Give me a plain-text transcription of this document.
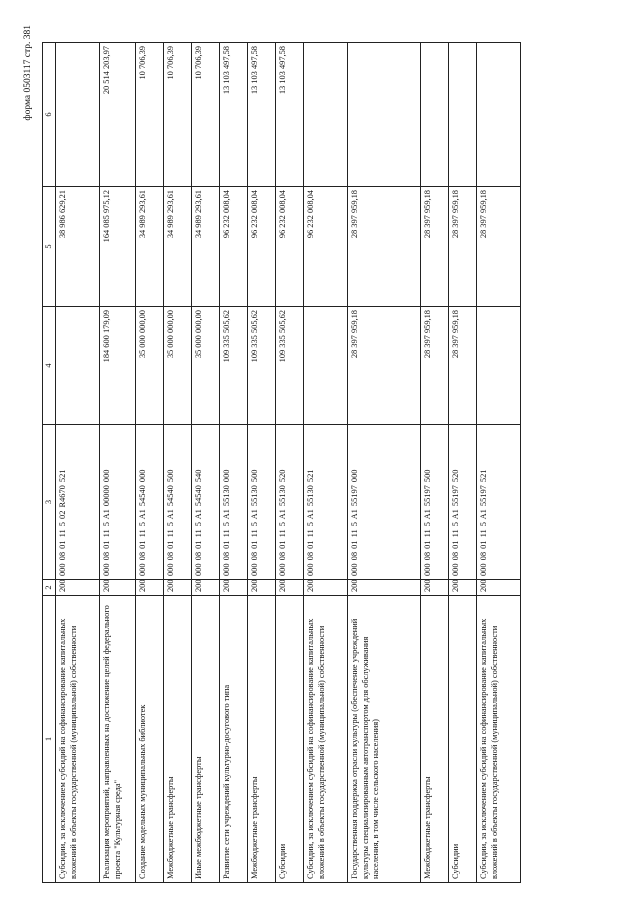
форма 0503117 стр. 381
1	2	3	4	5	6
Субсидии, за исключением субсидий на софинансирование капитальных вложений в объекты государственной (муниципальной) собственности	200	000 08 01 11 5 02 R4670 521		38 986 629,21	
Реализация мероприятий, направленных на достижение целей федерального проекта "Культурная среда"	200	000 08 01 11 5 A1 00000 000	184 600 179,09	164 085 975,12	20 514 203,97
Создание модельных муниципальных библиотек	200	000 08 01 11 5 A1 54540 000	35 000 000,00	34 989 293,61	10 706,39
Межбюджетные трансферты	200	000 08 01 11 5 A1 54540 500	35 000 000,00	34 989 293,61	10 706,39
Иные межбюджетные трансферты	200	000 08 01 11 5 A1 54540 540	35 000 000,00	34 989 293,61	10 706,39
Развитие сети учреждений культурно-досугового типа	200	000 08 01 11 5 A1 55130 000	109 335 505,62	96 232 008,04	13 103 497,58
Межбюджетные трансферты	200	000 08 01 11 5 A1 55130 500	109 335 505,62	96 232 008,04	13 103 497,58
Субсидии	200	000 08 01 11 5 A1 55130 520	109 335 505,62	96 232 008,04	13 103 497,58
Субсидии, за исключением субсидий на софинансирование капитальных вложений в объекты государственной (муниципальной) собственности	200	000 08 01 11 5 A1 55130 521		96 232 008,04	
Государственная поддержка отрасли культуры (обеспечение учреждений культуры специализированным автотранспортом для обслуживания населения, в том числе сельского населения)	200	000 08 01 11 5 A1 55197 000	28 397 959,18	28 397 959,18	
Межбюджетные трансферты	200	000 08 01 11 5 A1 55197 500	28 397 959,18	28 397 959,18	
Субсидии	200	000 08 01 11 5 A1 55197 520	28 397 959,18	28 397 959,18	
Субсидии, за исключением субсидий на софинансирование капитальных вложений в объекты государственной (муниципальной) собственности	200	000 08 01 11 5 A1 55197 521		28 397 959,18	
